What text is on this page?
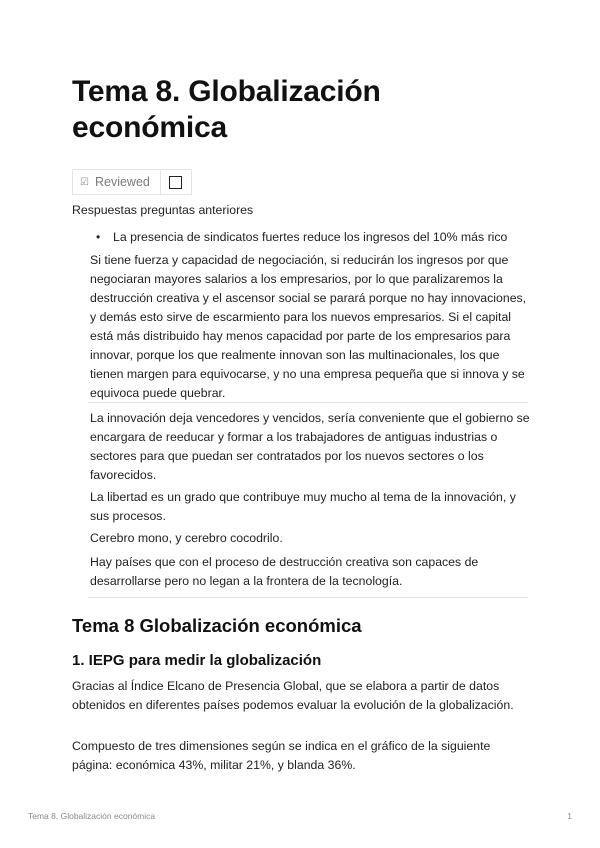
Tema 8. Globalización económica
☑ Reviewed

Respuestas preguntas anteriores

•	La presencia de sindicatos fuertes reduce los ingresos del 10% más rico

Si tiene fuerza y capacidad de negociación, si reducirán los ingresos por que negociaran mayores salarios a los empresarios, por lo que paralizaremos la destrucción creativa y el ascensor social se parará porque no hay innovaciones, y demás esto sirve de escarmiento para los nuevos empresarios. Si el capital está más distribuido hay menos capacidad por parte de los empresarios para innovar, porque los que realmente innovan son las multinacionales, los que tienen margen para equivocarse, y no una empresa pequeña que si innova y se equivoca puede quebrar.

La innovación deja vencedores y vencidos, sería conveniente que el gobierno se encargara de reeducar y formar a los trabajadores de antiguas industrias o sectores para que puedan ser contratados por los nuevos sectores o los favorecidos.

La libertad es un grado que contribuye muy mucho al tema de la innovación, y sus procesos.

Cerebro mono, y cerebro cocodrilo.

Hay países que con el proceso de destrucción creativa son capaces de desarrollarse pero no legan a la frontera de la tecnología.

Tema 8 Globalización económica
1. IEPG para medir la globalización

Gracias al Índice Elcano de Presencia Global, que se elabora a partir de datos obtenidos en diferentes países podemos evaluar la evolución de la globalización.

Compuesto de tres dimensiones según se indica en el gráfico de la siguiente página: económica 43%, militar 21%, y blanda 36%.

Tema 8. Globalización económica	1
